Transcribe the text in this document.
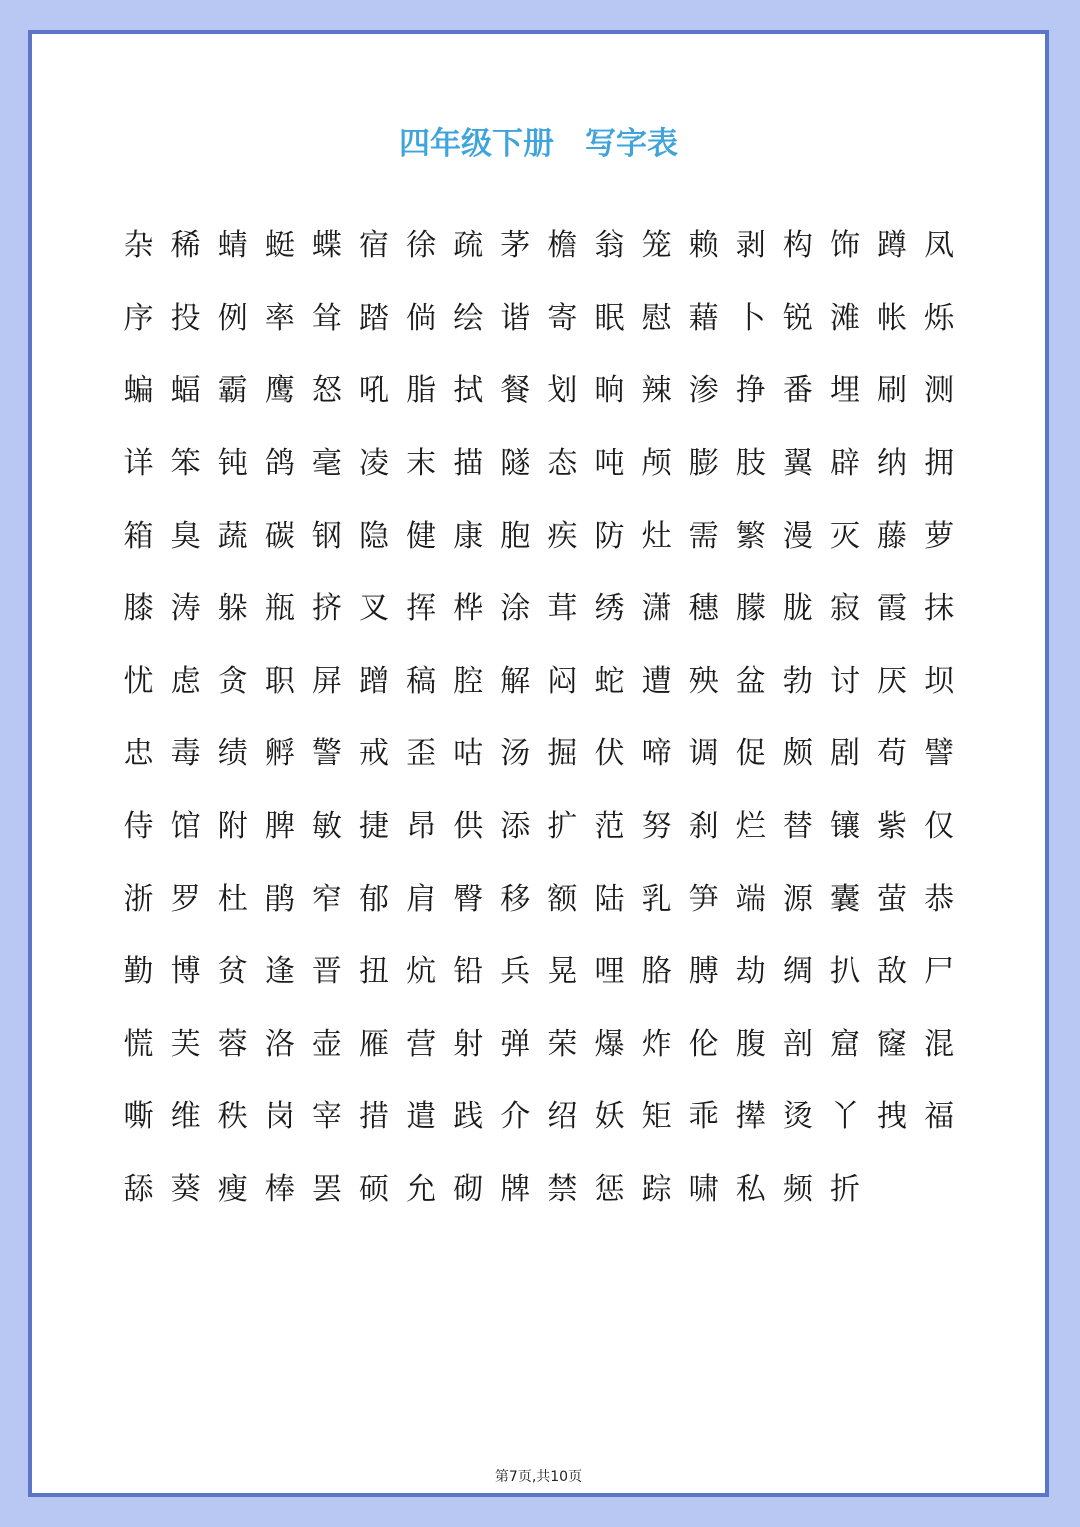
四年级下册　写字表
杂 稀 蜻 蜓 蝶 宿 徐 疏 茅 檐 翁 笼 赖 剥 构 饰 蹲 凤
序 投 例 率 耸 踏 倘 绘 谐 寄 眠 慰 藉 卜 锐 滩 帐 烁
蝙 蝠 霸 鹰 怒 吼 脂 拭 餐 划 晌 辣 渗 挣 番 埋 刷 测
详 笨 钝 鸽 毫 凌 末 描 隧 态 吨 颅 膨 肢 翼 辟 纳 拥
箱 臭 蔬 碳 钢 隐 健 康 胞 疾 防 灶 需 繁 漫 灭 藤 萝
膝 涛 躲 瓶 挤 叉 挥 桦 涂 茸 绣 潇 穗 朦 胧 寂 霞 抹
忧 虑 贪 职 屏 蹭 稿 腔 解 闷 蛇 遭 殃 盆 勃 讨 厌 坝
忠 毒 绩 孵 警 戒 歪 咕 汤 掘 伏 啼 调 促 颇 剧 苟 譬
侍 馆 附 脾 敏 捷 昂 供 添 扩 范 努 刹 烂 替 镶 紫 仅
浙 罗 杜 鹃 窄 郁 肩 臀 移 额 陆 乳 笋 端 源 囊 萤 恭
勤 博 贫 逢 晋 扭 炕 铅 兵 晃 哩 胳 膊 劫 绸 扒 敌 尸
慌 芙 蓉 洛 壶 雁 营 射 弹 荣 爆 炸 伦 腹 剖 窟 窿 混
嘶 维 秩 岗 宰 措 遣 践 介 绍 妖 矩 乖 撵 烫 丫 拽 福
舔 葵 瘦 棒 罢 硕 允 砌 牌 禁 惩 踪 啸 私 频 折
第7页,共10页
